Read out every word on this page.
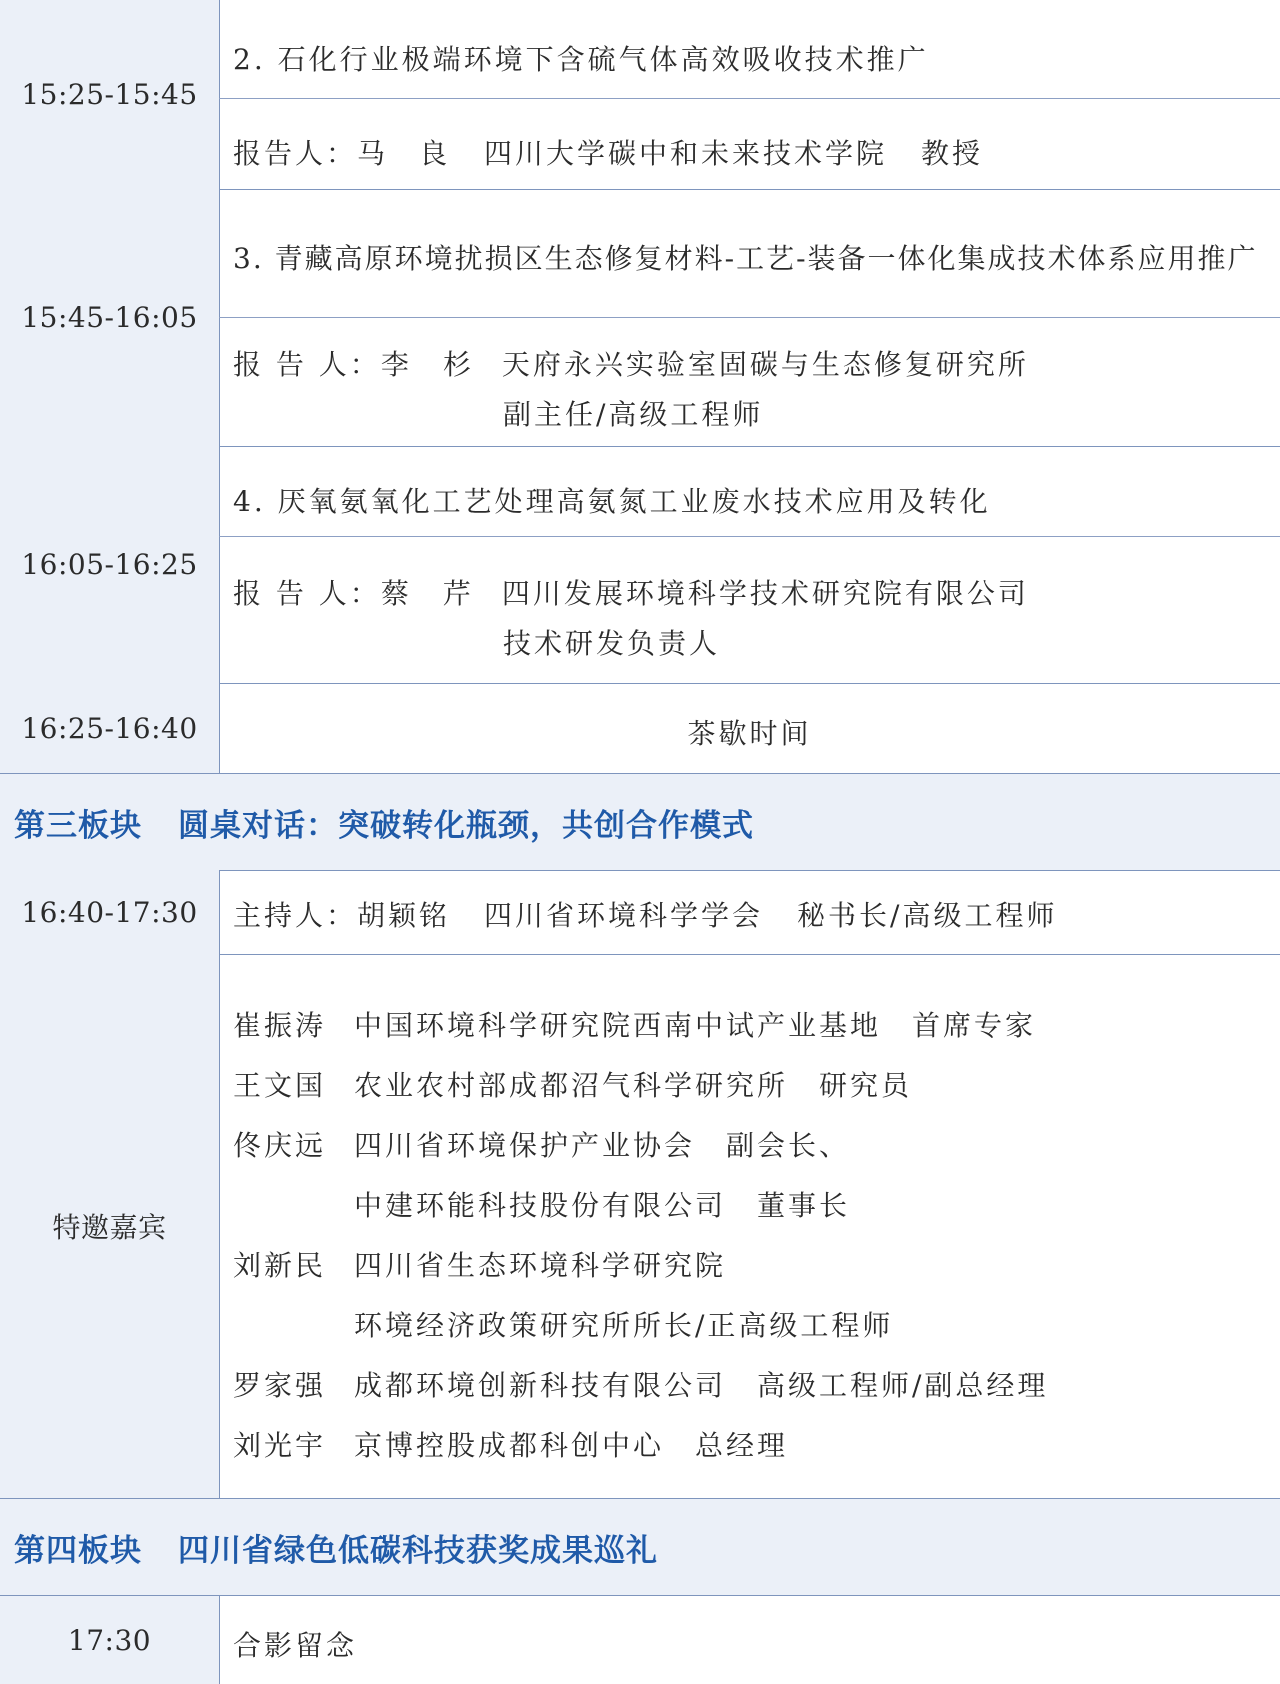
15:25-15:45
2. 石化行业极端环境下含硫气体高效吸收技术推广
报告人：马　良 四川大学碳中和未来技术学院 教授
15:45-16:05
3. 青藏高原环境扰损区生态修复材料-工艺-装备一体化集成技术体系应用推广
报 告 人：李　杉 天府永兴实验室固碳与生态修复研究所
副主任/高级工程师
16:05-16:25
4. 厌氧氨氧化工艺处理高氨氮工业废水技术应用及转化
报 告 人：蔡　芹 四川发展环境科学技术研究院有限公司
技术研发负责人
16:25-16:40	茶歇时间
第三板块 圆桌对话：突破转化瓶颈，共创合作模式
16:40-17:30 主持人：胡颖铭 四川省环境科学学会 秘书长/高级工程师
特邀嘉宾
崔振涛 中国环境科学研究院西南中试产业基地　首席专家
王文国 农业农村部成都沼气科学研究所　研究员
佟庆远 四川省环境保护产业协会　副会长、
中建环能科技股份有限公司　董事长
刘新民 四川省生态环境科学研究院
环境经济政策研究所所长/正高级工程师
罗家强 成都环境创新科技有限公司　高级工程师/副总经理
刘光宇 京博控股成都科创中心　总经理
第四板块 四川省绿色低碳科技获奖成果巡礼
17:30	合影留念
